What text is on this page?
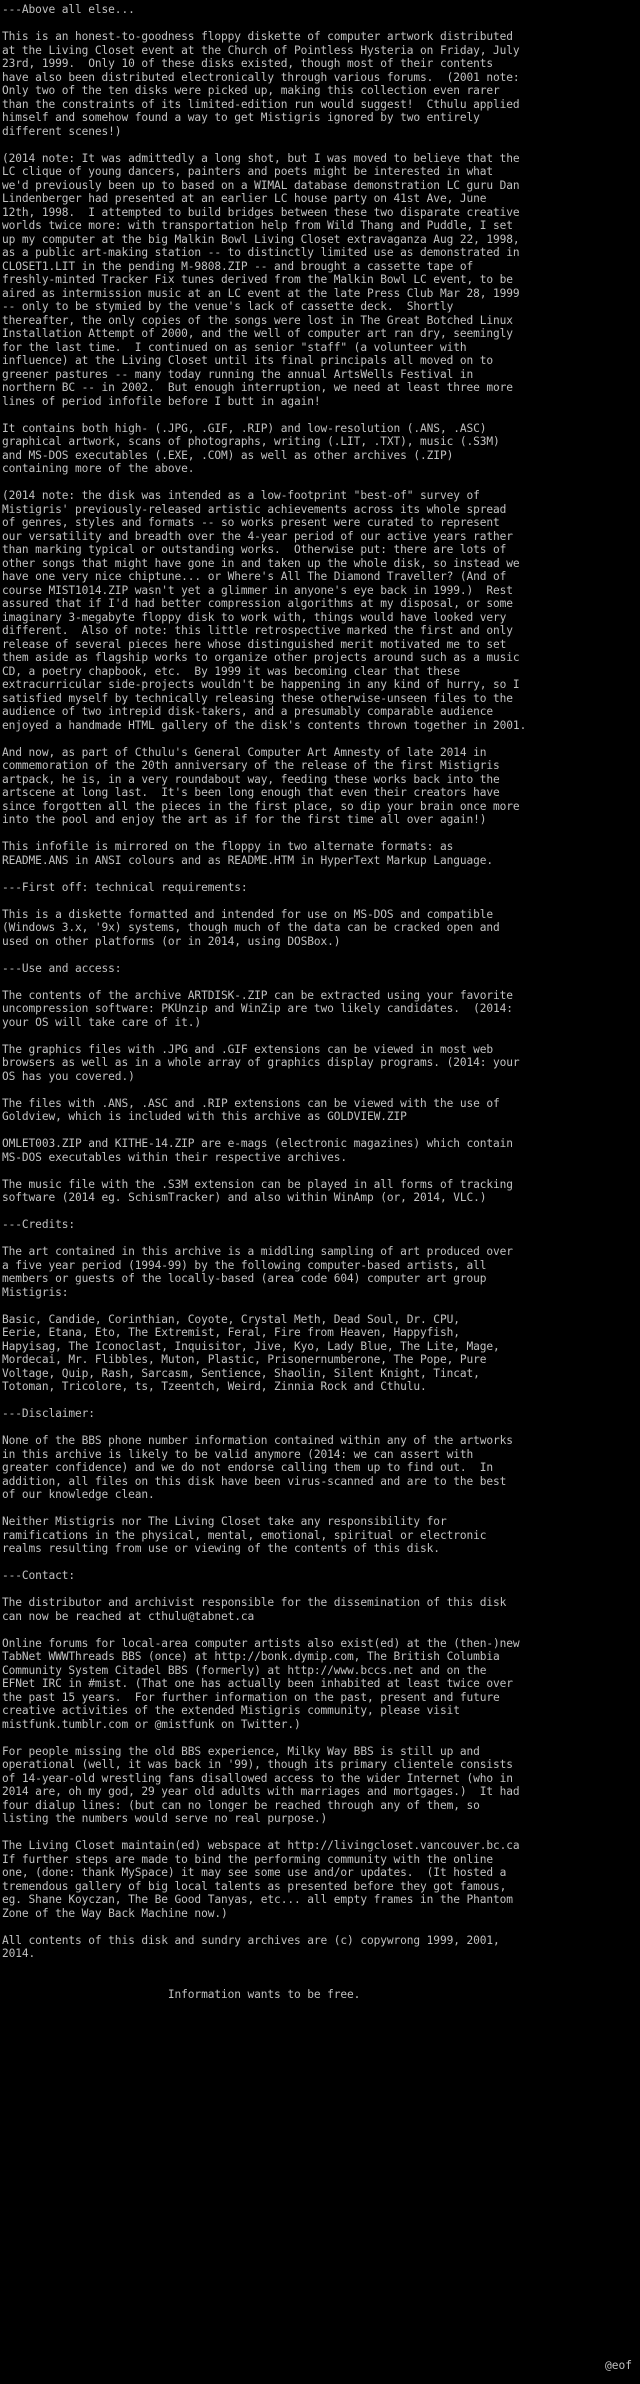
---Above all else...
This is an honest-to-goodness floppy diskette of computer artwork distributed
at the Living Closet event at the Church of Pointless Hysteria on Friday, July
23rd, 1999.  Only 10 of these disks existed, though most of their contents
have also been distributed electronically through various forums.  (2001 note:
Only two of the ten disks were picked up, making this collection even rarer
than the constraints of its limited-edition run would suggest!  Cthulu applied
himself and somehow found a way to get Mistigris ignored by two entirely
different scenes!)
(2014 note: It was admittedly a long shot, but I was moved to believe that the
LC clique of young dancers, painters and poets might be interested in what
we'd previously been up to based on a WIMAL database demonstration LC guru Dan
Lindenberger had presented at an earlier LC house party on 41st Ave, June
12th, 1998.  I attempted to build bridges between these two disparate creative
worlds twice more: with transportation help from Wild Thang and Puddle, I set
up my computer at the big Malkin Bowl Living Closet extravaganza Aug 22, 1998,
as a public art-making station -- to distinctly limited use as demonstrated in
CLOSET1.LIT in the pending M-9808.ZIP -- and brought a cassette tape of
freshly-minted Tracker Fix tunes derived from the Malkin Bowl LC event, to be
aired as intermission music at an LC event at the late Press Club Mar 28, 1999
-- only to be stymied by the venue's lack of cassette deck.  Shortly
thereafter, the only copies of the songs were lost in The Great Botched Linux
Installation Attempt of 2000, and the well of computer art ran dry, seemingly
for the last time.  I continued on as senior "staff" (a volunteer with
influence) at the Living Closet until its final principals all moved on to
greener pastures -- many today running the annual ArtsWells Festival in
northern BC -- in 2002.  But enough interruption, we need at least three more
lines of period infofile before I butt in again!
It contains both high- (.JPG, .GIF, .RIP) and low-resolution (.ANS, .ASC)
graphical artwork, scans of photographs, writing (.LIT, .TXT), music (.S3M)
and MS-DOS executables (.EXE, .COM) as well as other archives (.ZIP)
containing more of the above.
(2014 note: the disk was intended as a low-footprint "best-of" survey of
Mistigris' previously-released artistic achievements across its whole spread
of genres, styles and formats -- so works present were curated to represent
our versatility and breadth over the 4-year period of our active years rather
than marking typical or outstanding works.  Otherwise put: there are lots of
other songs that might have gone in and taken up the whole disk, so instead we
have one very nice chiptune... or Where's All The Diamond Traveller? (And of
course MIST1014.ZIP wasn't yet a glimmer in anyone's eye back in 1999.)  Rest
assured that if I'd had better compression algorithms at my disposal, or some
imaginary 3-megabyte floppy disk to work with, things would have looked very
different.  Also of note: this little retrospective marked the first and only
release of several pieces here whose distinguished merit motivated me to set
them aside as flagship works to organize other projects around such as a music
CD, a poetry chapbook, etc.  By 1999 it was becoming clear that these
extracurricular side-projects wouldn't be happening in any kind of hurry, so I
satisfied myself by technically releasing these otherwise-unseen files to the
audience of two intrepid disk-takers, and a presumably comparable audience
enjoyed a handmade HTML gallery of the disk's contents thrown together in 2001.
And now, as part of Cthulu's General Computer Art Amnesty of late 2014 in
commemoration of the 20th anniversary of the release of the first Mistigris
artpack, he is, in a very roundabout way, feeding these works back into the
artscene at long last.  It's been long enough that even their creators have
since forgotten all the pieces in the first place, so dip your brain once more
into the pool and enjoy the art as if for the first time all over again!)
This infofile is mirrored on the floppy in two alternate formats: as
README.ANS in ANSI colours and as README.HTM in HyperText Markup Language.
---First off: technical requirements:
This is a diskette formatted and intended for use on MS-DOS and compatible
(Windows 3.x, '9x) systems, though much of the data can be cracked open and
used on other platforms (or in 2014, using DOSBox.)
---Use and access:
The contents of the archive ARTDISK-.ZIP can be extracted using your favorite
uncompression software: PKUnzip and WinZip are two likely candidates.  (2014:
your OS will take care of it.)
The graphics files with .JPG and .GIF extensions can be viewed in most web
browsers as well as in a whole array of graphics display programs. (2014: your
OS has you covered.)
The files with .ANS, .ASC and .RIP extensions can be viewed with the use of
Goldview, which is included with this archive as GOLDVIEW.ZIP
OMLET003.ZIP and KITHE-14.ZIP are e-mags (electronic magazines) which contain
MS-DOS executables within their respective archives.
The music file with the .S3M extension can be played in all forms of tracking
software (2014 eg. SchismTracker) and also within WinAmp (or, 2014, VLC.)
---Credits:
The art contained in this archive is a middling sampling of art produced over
a five year period (1994-99) by the following computer-based artists, all
members or guests of the locally-based (area code 604) computer art group
Mistigris:
Basic, Candide, Corinthian, Coyote, Crystal Meth, Dead Soul, Dr. CPU,
Eerie, Etana, Eto, The Extremist, Feral, Fire from Heaven, Happyfish,
Hapyisag, The Iconoclast, Inquisitor, Jive, Kyo, Lady Blue, The Lite, Mage,
Mordecai, Mr. Flibbles, Muton, Plastic, Prisonernumberone, The Pope, Pure
Voltage, Quip, Rash, Sarcasm, Sentience, Shaolin, Silent Knight, Tincat,
Totoman, Tricolore, ts, Tzeentch, Weird, Zinnia Rock and Cthulu.
---Disclaimer:
None of the BBS phone number information contained within any of the artworks
in this archive is likely to be valid anymore (2014: we can assert with
greater confidence) and we do not endorse calling them up to find out.  In
addition, all files on this disk have been virus-scanned and are to the best
of our knowledge clean.
Neither Mistigris nor The Living Closet take any responsibility for
ramifications in the physical, mental, emotional, spiritual or electronic
realms resulting from use or viewing of the contents of this disk.
---Contact:
The distributor and archivist responsible for the dissemination of this disk
can now be reached at cthulu@tabnet.ca
Online forums for local-area computer artists also exist(ed) at the (then-)new
TabNet WWWThreads BBS (once) at http://bonk.dymip.com, The British Columbia
Community System Citadel BBS (formerly) at http://www.bccs.net and on the
EFNet IRC in #mist. (That one has actually been inhabited at least twice over
the past 15 years.  For further information on the past, present and future
creative activities of the extended Mistigris community, please visit
mistfunk.tumblr.com or @mistfunk on Twitter.)
For people missing the old BBS experience, Milky Way BBS is still up and
operational (well, it was back in '99), though its primary clientele consists
of 14-year-old wrestling fans disallowed access to the wider Internet (who in
2014 are, oh my god, 29 year old adults with marriages and mortgages.)  It had
four dialup lines: (but can no longer be reached through any of them, so
listing the numbers would serve no real purpose.)
The Living Closet maintain(ed) webspace at http://livingcloset.vancouver.bc.ca
If further steps are made to bind the performing community with the online
one, (done: thank MySpace) it may see some use and/or updates.  (It hosted a
tremendous gallery of big local talents as presented before they got famous,
eg. Shane Koyczan, The Be Good Tanyas, etc... all empty frames in the Phantom
Zone of the Way Back Machine now.)
All contents of this disk and sundry archives are (c) copywrong 1999, 2001,
2014.
Information wants to be free.
@eof
